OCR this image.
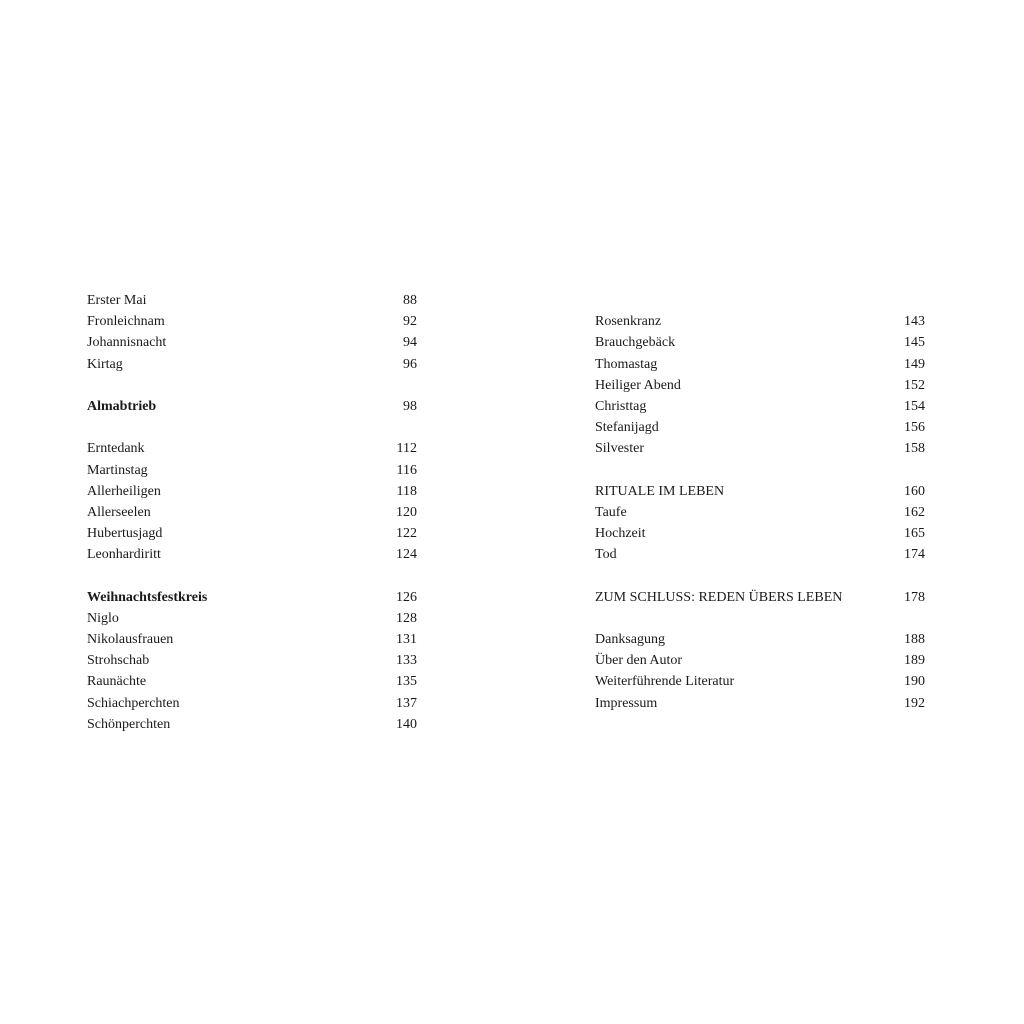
Erster Mai	88
Fronleichnam	92
Johannisnacht	94
Kirtag	96
Almabtrieb	98
Erntedank	112
Martinstag	116
Allerheiligen	118
Allerseelen	120
Hubertusjagd	122
Leonhardiritt	124
Weihnachtsfestkreis	126
Niglo	128
Nikolausfrauen	131
Strohschab	133
Raunächte	135
Schiachperchten	137
Schönperchten	140
Rosenkranz	143
Brauchgebäck	145
Thomastag	149
Heiliger Abend	152
Christtag	154
Stefanijagd	156
Silvester	158
RITUALE IM LEBEN	160
Taufe	162
Hochzeit	165
Tod	174
ZUM SCHLUSS: REDEN ÜBERS LEBEN	178
Danksagung	188
Über den Autor	189
Weiterführende Literatur	190
Impressum	192
